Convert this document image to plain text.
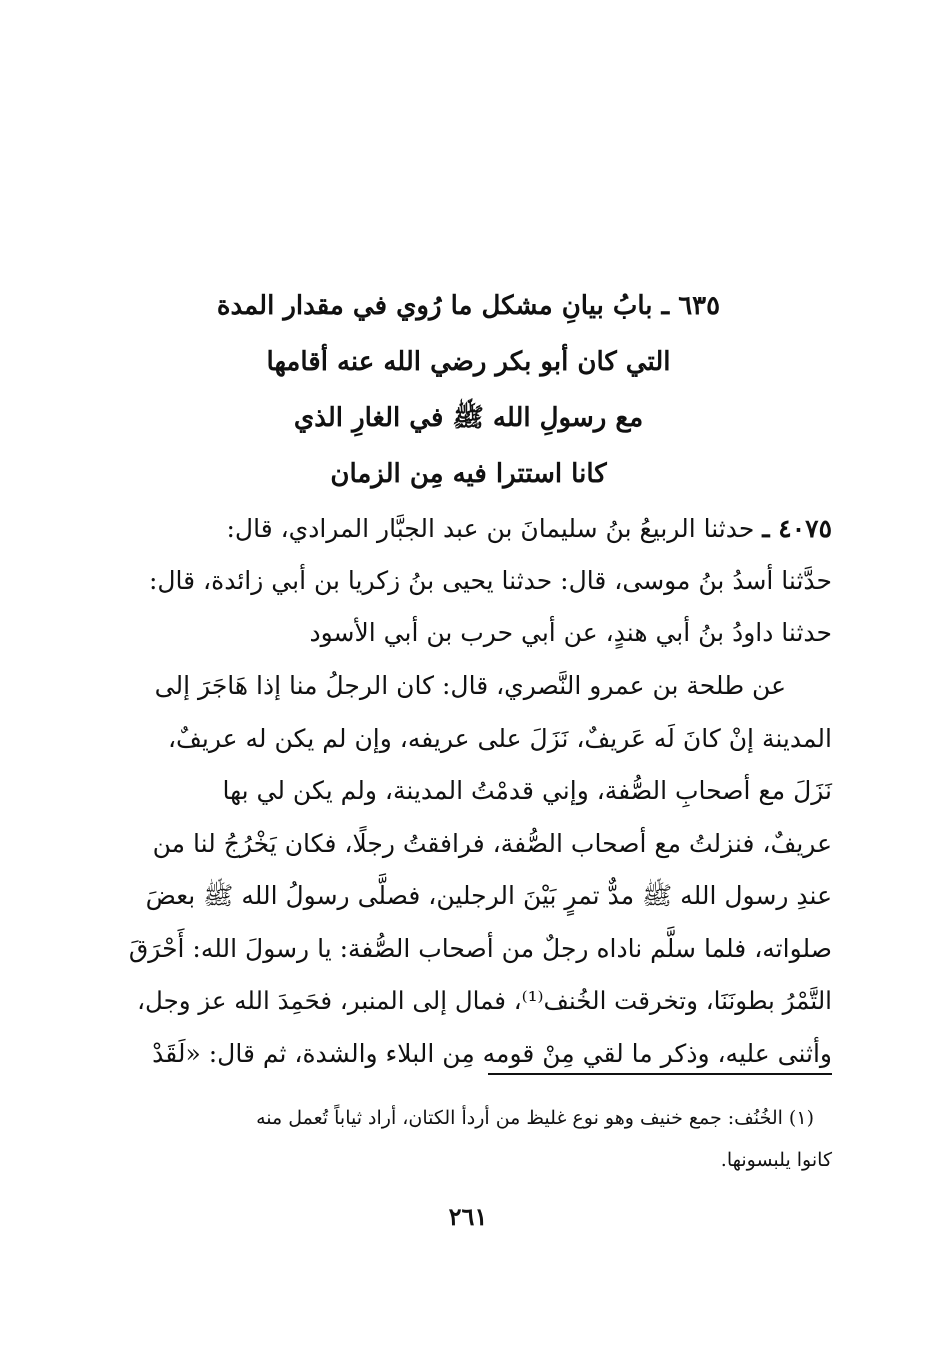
٦٣٥ ـ بابُ بيانِ مشكل ما رُوي في مقدار المدة
التي كان أبو بكر رضي الله عنه أقامها
مع رسولِ الله ﷺ في الغارِ الذي
كانا استترا فيه مِن الزمان
٤٠٧٥ ـ حدثنا الربيعُ بنُ سليمانَ بن عبد الجبَّار المرادي، قال:
حدَّثنا أسدُ بنُ موسى، قال: حدثنا يحيى بنُ زكريا بن أبي زائدة، قال:
حدثنا داودُ بنُ أبي هندٍ، عن أبي حرب بن أبي الأسود
عن طلحة بن عمرو النَّصري، قال: كان الرجلُ منا إذا هَاجَرَ إلى
المدينة إنْ كانَ لَه عَريفٌ، نَزَلَ على عريفه، وإن لم يكن له عريفٌ،
نَزَلَ مع أصحابِ الصُّفة، وإني قدمْتُ المدينة، ولم يكن لي بها
عريفٌ، فنزلتُ مع أصحاب الصُّفة، فرافقتُ رجلًا، فكان يَخْرُجُ لنا من
عندِ رسول الله ﷺ مدٌّ تمرٍ بَيْنَ الرجلين، فصلَّى رسولُ الله ﷺ بعضَ
صلواته، فلما سلَّم ناداه رجلٌ من أصحاب الصُّفة: يا رسولَ الله: أَحْرَقَ
التَّمْرُ بطونَنَا، وتخرقت الخُنف⁽¹⁾، فمال إلى المنبر، فحَمِدَ الله عز وجل،
وأثنى عليه، وذكر ما لقي مِنْ قومه مِن البلاء والشدة، ثم قال: «لَقَدْ
(١) الخُنُف: جمع خنيف وهو نوع غليظ من أردأ الكتان، أراد ثياباً تُعمل منه
كانوا يلبسونها.
٢٦١
